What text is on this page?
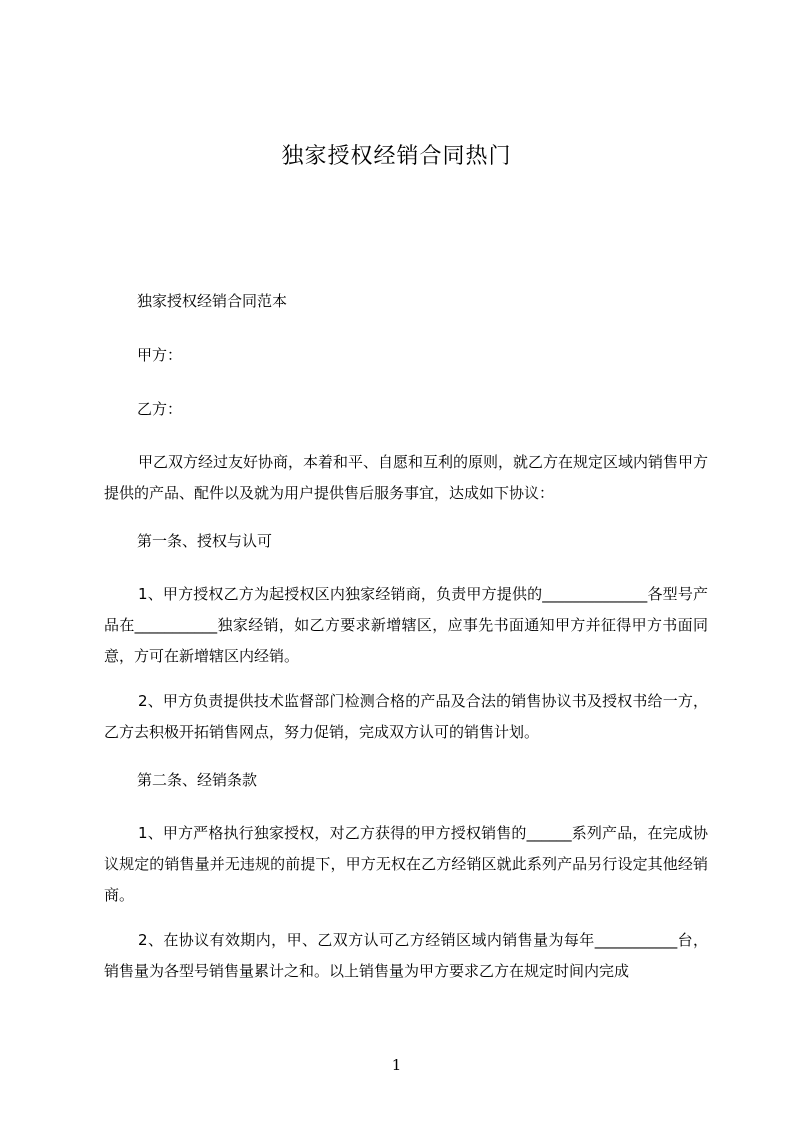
独家授权经销合同热门
独家授权经销合同范本
甲方：
乙方：
甲乙双方经过友好协商，本着和平、自愿和互利的原则，就乙方在规定区域内销售甲方提供的产品、配件以及就为用户提供售后服务事宜，达成如下协议：
第一条、授权与认可
1、甲方授权乙方为起授权区内独家经销商，负责甲方提供的______________各型号产品在___________独家经销，如乙方要求新增辖区，应事先书面通知甲方并征得甲方书面同意，方可在新增辖区内经销。
2、甲方负责提供技术监督部门检测合格的产品及合法的销售协议书及授权书给一方，乙方去积极开拓销售网点，努力促销，完成双方认可的销售计划。
第二条、经销条款
1、甲方严格执行独家授权，对乙方获得的甲方授权销售的______系列产品，在完成协议规定的销售量并无违规的前提下，甲方无权在乙方经销区就此系列产品另行设定其他经销商。
2、在协议有效期内，甲、乙双方认可乙方经销区域内销售量为每年___________台，销售量为各型号销售量累计之和。以上销售量为甲方要求乙方在规定时间内完成
1
